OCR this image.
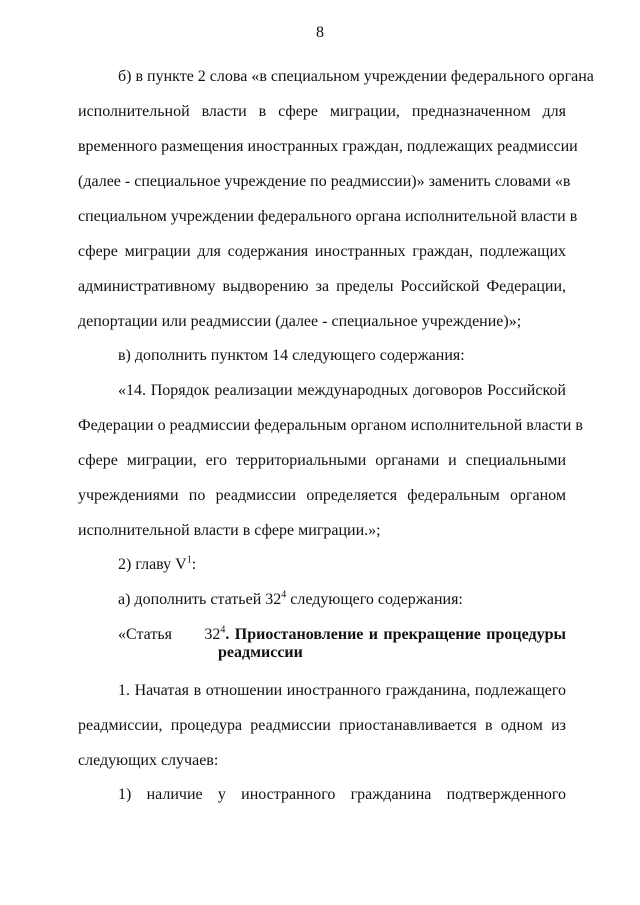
8
б) в пункте 2 слова «в специальном учреждении федерального органа
исполнительной власти в сфере миграции, предназначенном для
временного размещения иностранных граждан, подлежащих реадмиссии
(далее - специальное учреждение по реадмиссии)» заменить словами «в
специальном учреждении федерального органа исполнительной власти в
сфере миграции для содержания иностранных граждан, подлежащих
административному выдворению за пределы Российской Федерации,
депортации или реадмиссии (далее - специальное учреждение)»;
в) дополнить пунктом 14 следующего содержания:
«14. Порядок реализации международных договоров Российской
Федерации о реадмиссии федеральным органом исполнительной власти в
сфере миграции, его территориальными органами и специальными
учреждениями по реадмиссии определяется федеральным органом
исполнительной власти в сфере миграции.»;
2) главу $V^1$:
а) дополнить статьей $32^4$ следующего содержания:
«Статья $32^4$. Приостановление и прекращение процедуры
реадмиссии
1. Начатая в отношении иностранного гражданина, подлежащего
реадмиссии, процедура реадмиссии приостанавливается в одном из
следующих случаев:
1) наличие у иностранного гражданина подтвержденного
